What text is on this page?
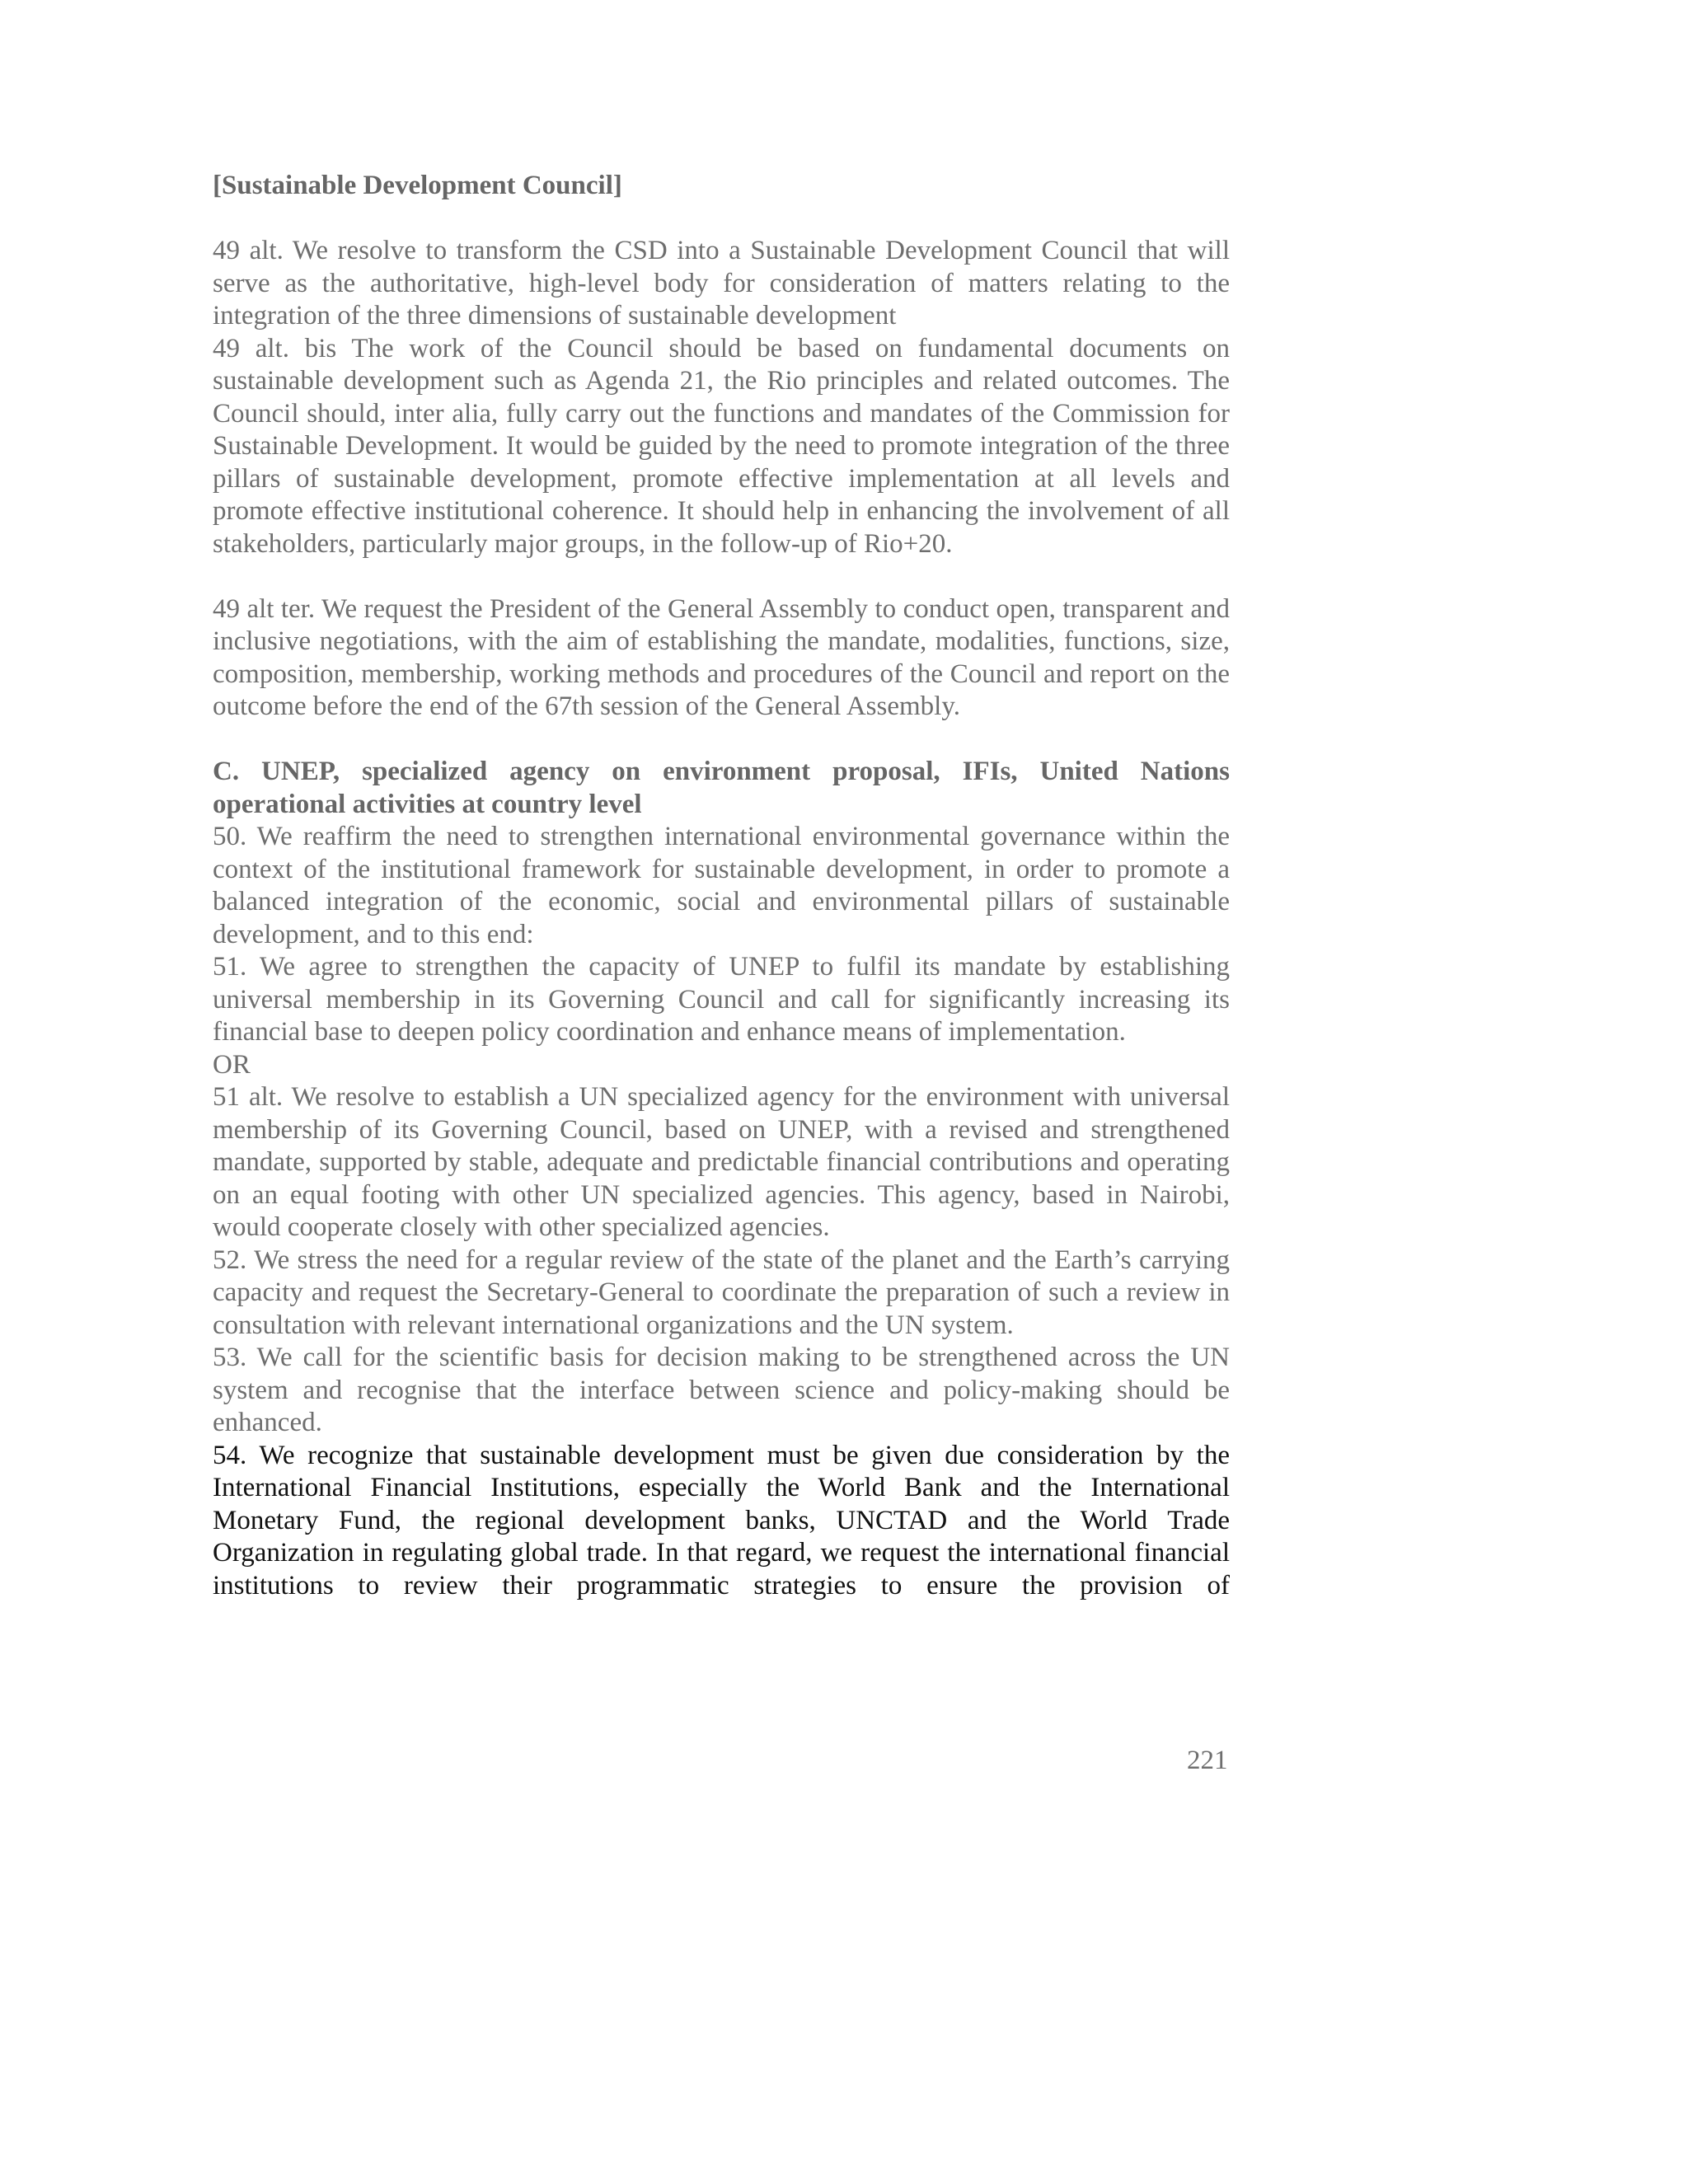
[Sustainable Development Council]

49 alt. We resolve to transform the CSD into a Sustainable Development Council that will serve as the authoritative, high-level body for consideration of matters relating to the integration of the three dimensions of sustainable development

49 alt. bis The work of the Council should be based on fundamental documents on sustainable development such as Agenda 21, the Rio principles and related outcomes. The Council should, inter alia, fully carry out the functions and mandates of the Commission for Sustainable Development. It would be guided by the need to promote integration of the three pillars of sustainable development, promote effective implementation at all levels and promote effective institutional coherence. It should help in enhancing the involvement of all stakeholders, particularly major groups, in the follow-up of Rio+20.

49 alt ter. We request the President of the General Assembly to conduct open, transparent and inclusive negotiations, with the aim of establishing the mandate, modalities, functions, size, composition, membership, working methods and procedures of the Council and report on the outcome before the end of the 67th session of the General Assembly.

C. UNEP, specialized agency on environment proposal, IFIs, United Nations operational activities at country level

50. We reaffirm the need to strengthen international environmental governance within the context of the institutional framework for sustainable development, in order to promote a balanced integration of the economic, social and environmental pillars of sustainable development, and to this end:

51. We agree to strengthen the capacity of UNEP to fulfil its mandate by establishing universal membership in its Governing Council and call for significantly increasing its financial base to deepen policy coordination and enhance means of implementation.

OR

51 alt. We resolve to establish a UN specialized agency for the environment with universal membership of its Governing Council, based on UNEP, with a revised and strengthened mandate, supported by stable, adequate and predictable financial contributions and operating on an equal footing with other UN specialized agencies. This agency, based in Nairobi, would cooperate closely with other specialized agencies.

52. We stress the need for a regular review of the state of the planet and the Earth’s carrying capacity and request the Secretary-General to coordinate the preparation of such a review in consultation with relevant international organizations and the UN system.

53. We call for the scientific basis for decision making to be strengthened across the UN system and recognise that the interface between science and policy-making should be enhanced.

54. We recognize that sustainable development must be given due consideration by the International Financial Institutions, especially the World Bank and the International Monetary Fund, the regional development banks, UNCTAD and the World Trade Organization in regulating global trade. In that regard, we request the international financial institutions to review their programmatic strategies to ensure the provision of

221
